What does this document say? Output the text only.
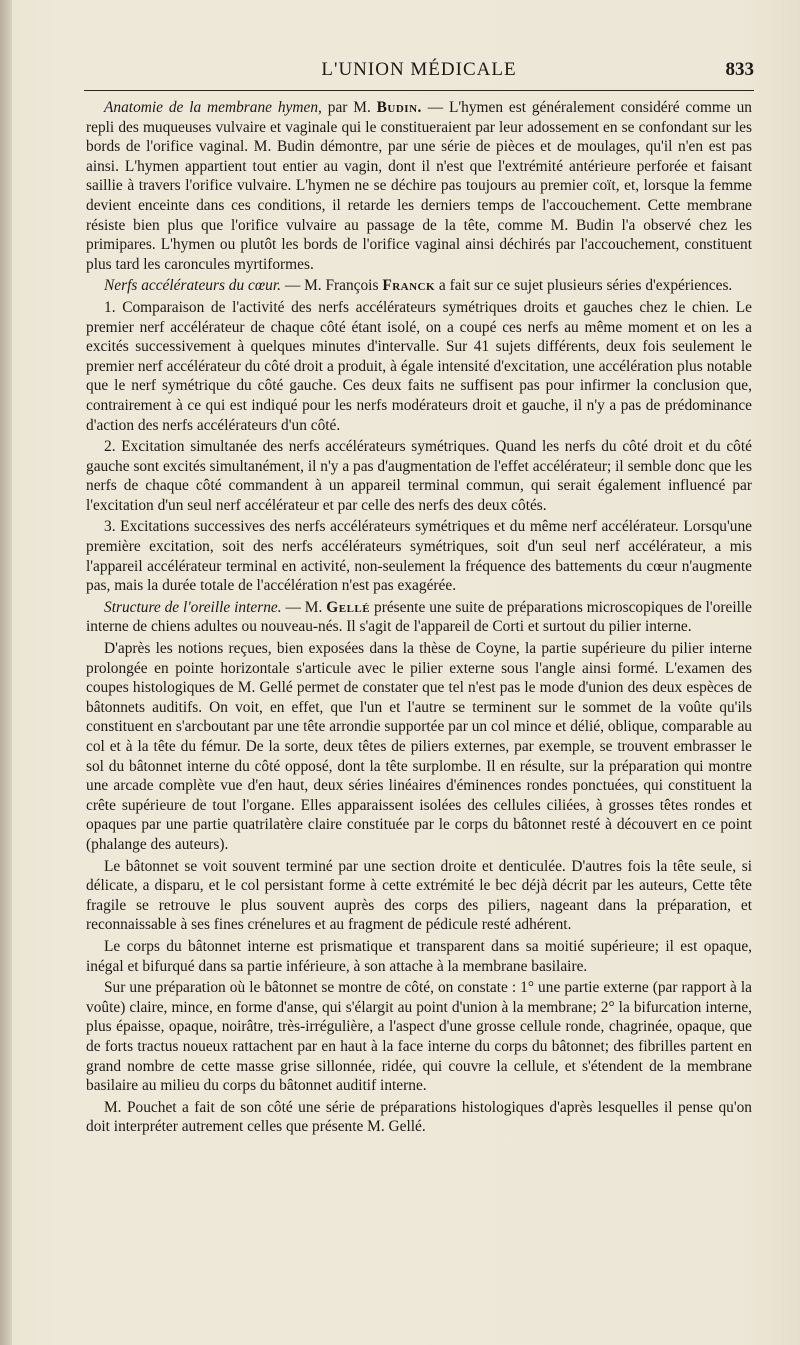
L'UNION MÉDICALE	833

Anatomie de la membrane hymen, par M. Budin. — L'hymen est généralement considéré comme un repli des muqueuses vulvaire et vaginale qui le constitueraient par leur adossement en se confondant sur les bords de l'orifice vaginal. M. Budin démontre, par une série de pièces et de moulages, qu'il n'en est pas ainsi. L'hymen appartient tout entier au vagin, dont il n'est que l'extrémité antérieure perforée et faisant saillie à travers l'orifice vulvaire. L'hymen ne se déchire pas toujours au premier coït, et, lorsque la femme devient enceinte dans ces conditions, il retarde les derniers temps de l'accouchement. Cette membrane résiste bien plus que l'orifice vulvaire au passage de la tête, comme M. Budin l'a observé chez les primipares. L'hymen ou plutôt les bords de l'orifice vaginal ainsi déchirés par l'accouchement, constituent plus tard les caroncules myrtiformes.

Nerfs accélérateurs du cœur. — M. François Franck a fait sur ce sujet plusieurs séries d'expériences.

1. Comparaison de l'activité des nerfs accélérateurs symétriques droits et gauches chez le chien. Le premier nerf accélérateur de chaque côté étant isolé, on a coupé ces nerfs au même moment et on les a excités successivement à quelques minutes d'intervalle. Sur 41 sujets différents, deux fois seulement le premier nerf accélérateur du côté droit a produit, à égale intensité d'excitation, une accélération plus notable que le nerf symétrique du côté gauche. Ces deux faits ne suffisent pas pour infirmer la conclusion que, contrairement à ce qui est indiqué pour les nerfs modérateurs droit et gauche, il n'y a pas de prédominance d'action des nerfs accélérateurs d'un côté.

2. Excitation simultanée des nerfs accélérateurs symétriques. Quand les nerfs du côté droit et du côté gauche sont excités simultanément, il n'y a pas d'augmentation de l'effet accélérateur; il semble donc que les nerfs de chaque côté commandent à un appareil terminal commun, qui serait également influencé par l'excitation d'un seul nerf accélérateur et par celle des nerfs des deux côtés.

3. Excitations successives des nerfs accélérateurs symétriques et du même nerf accélérateur. Lorsqu'une première excitation, soit des nerfs accélérateurs symétriques, soit d'un seul nerf accélérateur, a mis l'appareil accélérateur terminal en activité, non-seulement la fréquence des battements du cœur n'augmente pas, mais la durée totale de l'accélération n'est pas exagérée.

Structure de l'oreille interne. — M. Gellé présente une suite de préparations microscopiques de l'oreille interne de chiens adultes ou nouveau-nés. Il s'agit de l'appareil de Corti et surtout du pilier interne.

D'après les notions reçues, bien exposées dans la thèse de Coyne, la partie supérieure du pilier interne prolongée en pointe horizontale s'articule avec le pilier externe sous l'angle ainsi formé. L'examen des coupes histologiques de M. Gellé permet de constater que tel n'est pas le mode d'union des deux espèces de bâtonnets auditifs. On voit, en effet, que l'un et l'autre se terminent sur le sommet de la voûte qu'ils constituent en s'arcboutant par une tête arrondie supportée par un col mince et délié, oblique, comparable au col et à la tête du fémur. De la sorte, deux têtes de piliers externes, par exemple, se trouvent embrasser le sol du bâtonnet interne du côté opposé, dont la tête surplombe. Il en résulte, sur la préparation qui montre une arcade complète vue d'en haut, deux séries linéaires d'éminences rondes ponctuées, qui constituent la crête supérieure de tout l'organe. Elles apparaissent isolées des cellules ciliées, à grosses têtes rondes et opaques par une partie quatrilatère claire constituée par le corps du bâtonnet resté à découvert en ce point (phalange des auteurs).

Le bâtonnet se voit souvent terminé par une section droite et denticulée. D'autres fois la tête seule, si délicate, a disparu, et le col persistant forme à cette extrémité le bec déjà décrit par les auteurs, Cette tête fragile se retrouve le plus souvent auprès des corps des piliers, nageant dans la préparation, et reconnaissable à ses fines crénelures et au fragment de pédicule resté adhérent.

Le corps du bâtonnet interne est prismatique et transparent dans sa moitié supérieure; il est opaque, inégal et bifurqué dans sa partie inférieure, à son attache à la membrane basilaire.

Sur une préparation où le bâtonnet se montre de côté, on constate : 1° une partie externe (par rapport à la voûte) claire, mince, en forme d'anse, qui s'élargit au point d'union à la membrane; 2° la bifurcation interne, plus épaisse, opaque, noirâtre, très-irrégulière, a l'aspect d'une grosse cellule ronde, chagrinée, opaque, que de forts tractus noueux rattachent par en haut à la face interne du corps du bâtonnet; des fibrilles partent en grand nombre de cette masse grise sillonnée, ridée, qui couvre la cellule, et s'étendent de la membrane basilaire au milieu du corps du bâtonnet auditif interne.

M. Pouchet a fait de son côté une série de préparations histologiques d'après lesquelles il pense qu'on doit interpréter autrement celles que présente M. Gellé.
